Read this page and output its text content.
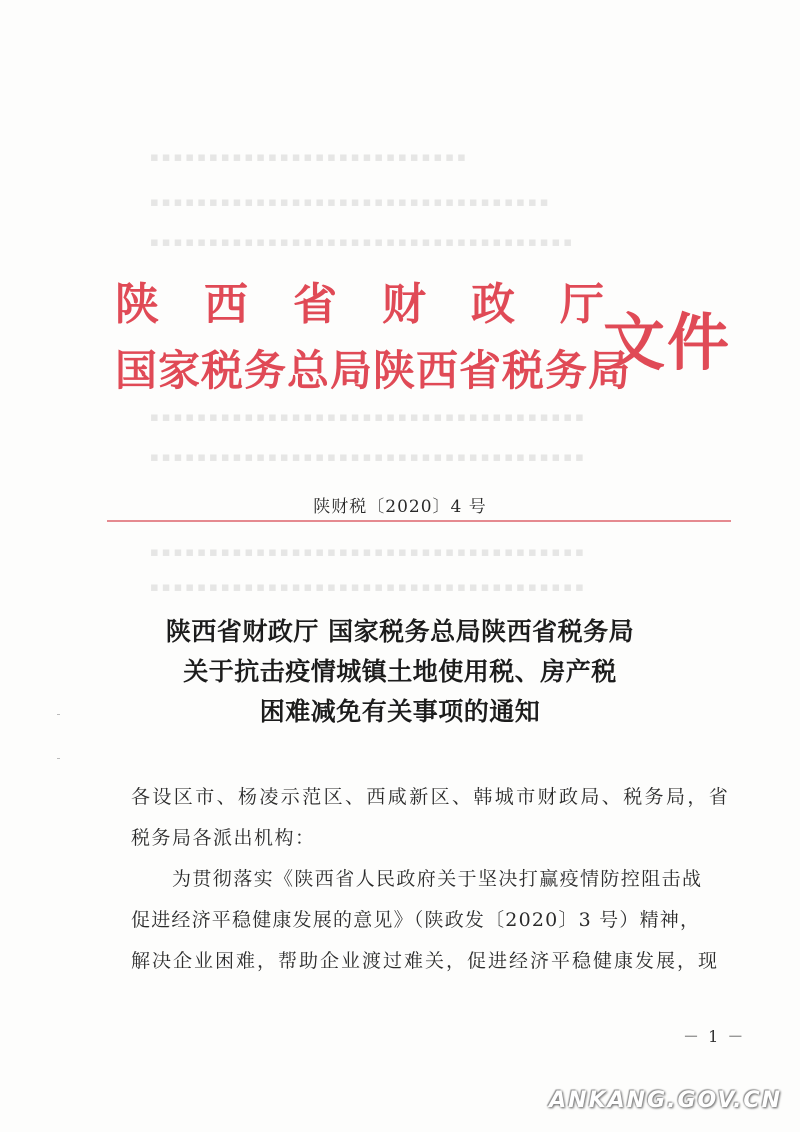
▪▪▪▪▪▪▪▪▪▪▪▪▪▪▪▪▪▪▪▪▪▪▪▪▪▪▪
▪▪▪▪▪▪▪▪▪▪▪▪▪▪▪▪▪▪▪▪▪▪▪▪▪▪▪▪▪▪▪▪▪▪
▪▪▪▪▪▪▪▪▪▪▪▪▪▪▪▪▪▪▪▪▪▪▪▪▪▪▪▪▪▪▪▪▪▪▪▪
▪▪▪▪▪▪▪▪▪▪▪▪▪▪▪▪▪▪▪▪▪▪▪▪▪▪▪▪▪▪▪▪▪▪▪▪▪
▪▪▪▪▪▪▪▪▪▪▪▪▪▪▪▪▪▪▪▪▪▪▪▪▪▪▪▪▪▪▪▪▪▪▪▪▪
▪▪▪▪▪▪▪▪▪▪▪▪▪▪▪▪▪▪▪▪▪▪▪▪▪▪▪▪▪▪▪▪▪▪▪▪▪
▪▪▪▪▪▪▪▪▪▪▪▪▪▪▪▪▪▪▪▪▪▪▪▪▪▪▪▪▪▪▪▪▪▪▪▪▪
陕西省财政厅
国家税务总局陕西省税务局
文件
陕财税〔2020〕4 号
陕西省财政厅 国家税务总局陕西省税务局
关于抗击疫情城镇土地使用税、房产税
困难减免有关事项的通知
各设区市、杨凌示范区、西咸新区、韩城市财政局、税务局，省
税务局各派出机构：
为贯彻落实《陕西省人民政府关于坚决打赢疫情防控阻击战
促进经济平稳健康发展的意见》（陕政发〔2020〕3 号）精神，
解决企业困难，帮助企业渡过难关，促进经济平稳健康发展，现
－ 1 －
ANKANG.GOV.CN
